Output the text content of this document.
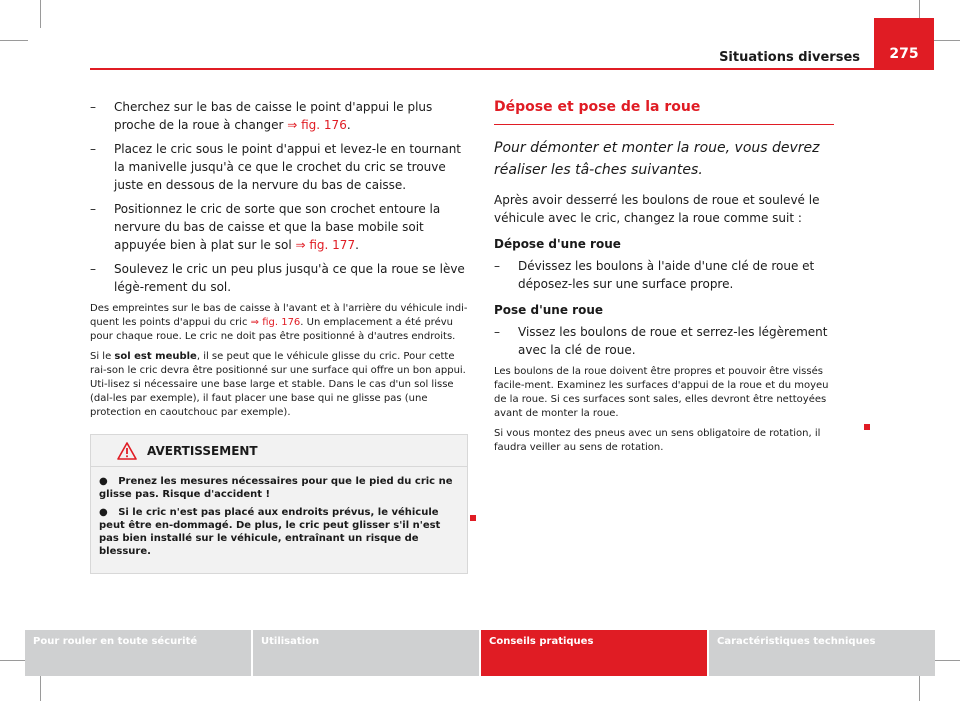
Situations diverses	275
– Cherchez sur le bas de caisse le point d'appui le plus proche de la roue à changer ⇒ fig. 176.
– Placez le cric sous le point d'appui et levez-le en tournant la manivelle jusqu'à ce que le crochet du cric se trouve juste en dessous de la nervure du bas de caisse.
– Positionnez le cric de sorte que son crochet entoure la nervure du bas de caisse et que la base mobile soit appuyée bien à plat sur le sol ⇒ fig. 177.
– Soulevez le cric un peu plus jusqu'à ce que la roue se lève légè-rement du sol.

Des empreintes sur le bas de caisse à l'avant et à l'arrière du véhicule indi-quent les points d'appui du cric ⇒ fig. 176. Un emplacement a été prévu pour chaque roue. Le cric ne doit pas être positionné à d'autres endroits.

Si le sol est meuble, il se peut que le véhicule glisse du cric. Pour cette rai-son le cric devra être positionné sur une surface qui offre un bon appui. Uti-lisez si nécessaire une base large et stable. Dans le cas d'un sol lisse (dal-les par exemple), il faut placer une base qui ne glisse pas (une protection en caoutchouc par exemple).

AVERTISSEMENT
● Prenez les mesures nécessaires pour que le pied du cric ne glisse pas. Risque d'accident !
● Si le cric n'est pas placé aux endroits prévus, le véhicule peut être en-dommagé. De plus, le cric peut glisser s'il n'est pas bien installé sur le véhicule, entraînant un risque de blessure.
Dépose et pose de la roue

Pour démonter et monter la roue, vous devrez réaliser les tâ-ches suivantes.

Après avoir desserré les boulons de roue et soulevé le véhicule avec le cric, changez la roue comme suit :

Dépose d'une roue
– Dévissez les boulons à l'aide d'une clé de roue et déposez-les sur une surface propre.
Pose d'une roue
– Vissez les boulons de roue et serrez-les légèrement avec la clé de roue.

Les boulons de la roue doivent être propres et pouvoir être vissés facile-ment. Examinez les surfaces d'appui de la roue et du moyeu de la roue. Si ces surfaces sont sales, elles devront être nettoyées avant de monter la roue.

Si vous montez des pneus avec un sens obligatoire de rotation, il faudra veiller au sens de rotation.

Pour rouler en toute sécurité	Utilisation	Conseils pratiques	Caractéristiques techniques
